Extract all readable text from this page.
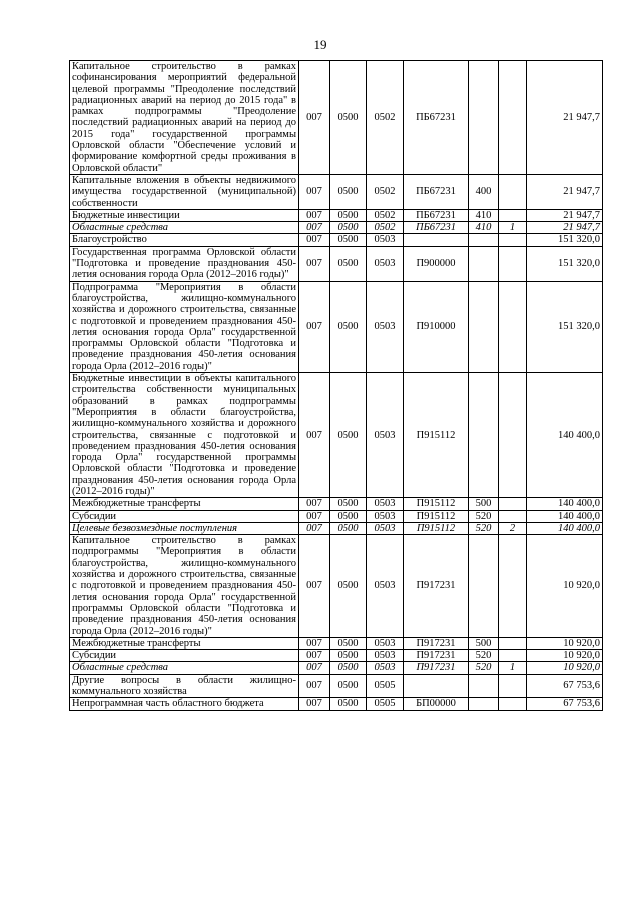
19
Капитальное строительство в рамках софинансирования мероприятий федеральной целевой программы "Преодоление последствий радиационных аварий на период до 2015 года" в рамках подпрограммы "Преодоление последствий радиационных аварий на период до 2015 года" государственной программы Орловской области "Обеспечение условий и формирование комфортной среды проживания в Орловской области"	007	0500	0502	ПБ67231			21 947,7
Капитальные вложения в объекты недвижимого имущества государственной (муниципальной) собственности	007	0500	0502	ПБ67231	400		21 947,7
Бюджетные инвестиции	007	0500	0502	ПБ67231	410		21 947,7
Областные средства	007	0500	0502	ПБ67231	410	1	21 947,7
Благоустройство	007	0500	0503				151 320,0
Государственная программа Орловской области "Подготовка и проведение празднования 450-летия основания города Орла (2012–2016 годы)"	007	0500	0503	П900000			151 320,0
Подпрограмма "Мероприятия в области благоустройства, жилищно-коммунального хозяйства и дорожного строительства, связанные с подготовкой и проведением празднования 450-летия основания города Орла" государственной программы Орловской области "Подготовка и проведение празднования 450-летия основания города Орла (2012–2016 годы)"	007	0500	0503	П910000			151 320,0
Бюджетные инвестиции в объекты капитального строительства собственности муниципальных образований в рамках подпрограммы "Мероприятия в области благоустройства, жилищно-коммунального хозяйства и дорожного строительства, связанные с подготовкой и проведением празднования 450-летия основания города Орла" государственной программы Орловской области "Подготовка и проведение празднования 450-летия основания города Орла (2012–2016 годы)"	007	0500	0503	П915112			140 400,0
Межбюджетные трансферты	007	0500	0503	П915112	500		140 400,0
Субсидии	007	0500	0503	П915112	520		140 400,0
Целевые безвозмездные поступления	007	0500	0503	П915112	520	2	140 400,0
Капитальное строительство в рамках подпрограммы "Мероприятия в области благоустройства, жилищно-коммунального хозяйства и дорожного строительства, связанные с подготовкой и проведением празднования 450-летия основания города Орла" государственной программы Орловской области "Подготовка и проведение празднования 450-летия основания города Орла (2012–2016 годы)"	007	0500	0503	П917231			10 920,0
Межбюджетные трансферты	007	0500	0503	П917231	500		10 920,0
Субсидии	007	0500	0503	П917231	520		10 920,0
Областные средства	007	0500	0503	П917231	520	1	10 920,0
Другие вопросы в области жилищно-коммунального хозяйства	007	0500	0505				67 753,6
Непрограммная часть областного бюджета	007	0500	0505	БП00000			67 753,6
